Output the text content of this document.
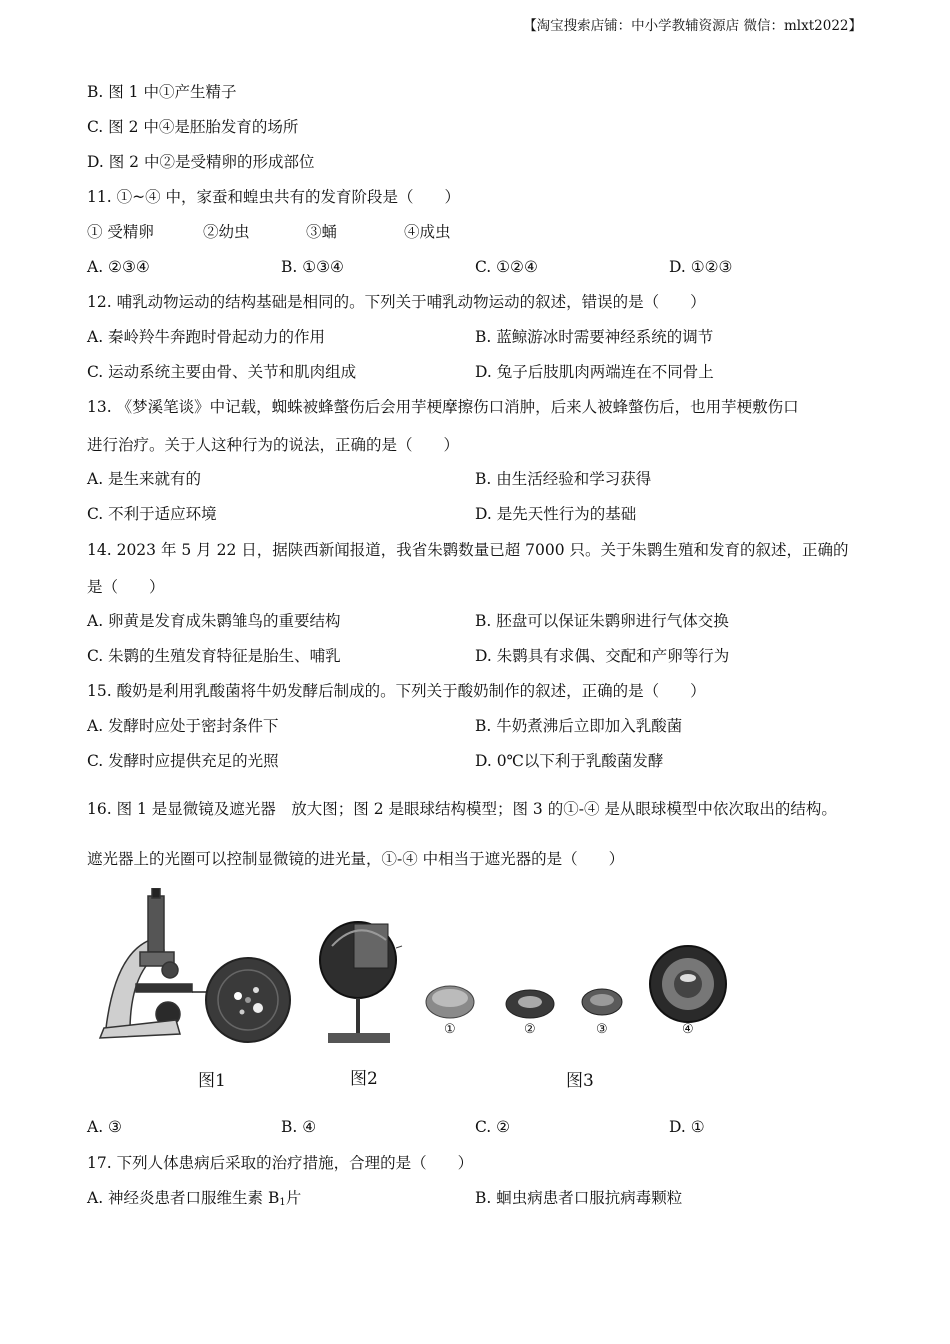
【淘宝搜索店铺：中小学教辅资源店 微信：mlxt2022】
B. 图 1 中①产生精子
C. 图 2 中④是胚胎发育的场所
D. 图 2 中②是受精卵的形成部位
11. ①~④ 中，家蚕和蝗虫共有的发育阶段是（　　）
① 受精卵	②幼虫	③蛹	④成虫
A. ②③④	B. ①③④	C. ①②④	D. ①②③
12. 哺乳动物运动的结构基础是相同的。下列关于哺乳动物运动的叙述，错误的是（　　）
A. 秦岭羚牛奔跑时骨起动力的作用	B. 蓝鲸游冰时需要神经系统的调节
C. 运动系统主要由骨、关节和肌肉组成	D. 兔子后肢肌肉两端连在不同骨上
13. 《梦溪笔谈》中记载，蜘蛛被蜂螫伤后会用芋梗摩擦伤口消肿，后来人被蜂螫伤后，也用芋梗敷伤口
进行治疗。关于人这种行为的说法，正确的是（　　）
A. 是生来就有的	B. 由生活经验和学习获得
C. 不利于适应环境	D. 是先天性行为的基础
14. 2023 年 5 月 22 日，据陕西新闻报道，我省朱鹮数量已超 7000 只。关于朱鹮生殖和发育的叙述，正确的
是（　　）
A. 卵黄是发育成朱鹮雏鸟的重要结构	B. 胚盘可以保证朱鹮卵进行气体交换
C. 朱鹮的生殖发育特征是胎生、哺乳	D. 朱鹮具有求偶、交配和产卵等行为
15. 酸奶是利用乳酸菌将牛奶发酵后制成的。下列关于酸奶制作的叙述，正确的是（　　）
A. 发酵时应处于密封条件下	B. 牛奶煮沸后立即加入乳酸菌
C. 发酵时应提供充足的光照	D. 0℃以下利于乳酸菌发酵
16. 图 1 是显微镜及遮光器　放大图；图 2 是眼球结构模型；图 3 的①-④ 是从眼球模型中依次取出的结构。
遮光器上的光圈可以控制显微镜的进光量，①-④ 中相当于遮光器的是（　　）
图1	图2	图3
①	②	③	④
A. ③	B. ④	C. ②	D. ①
17. 下列人体患病后采取的治疗措施，合理的是（　　）
A. 神经炎患者口服维生素 $B_1$片	B. 蛔虫病患者口服抗病毒颗粒
